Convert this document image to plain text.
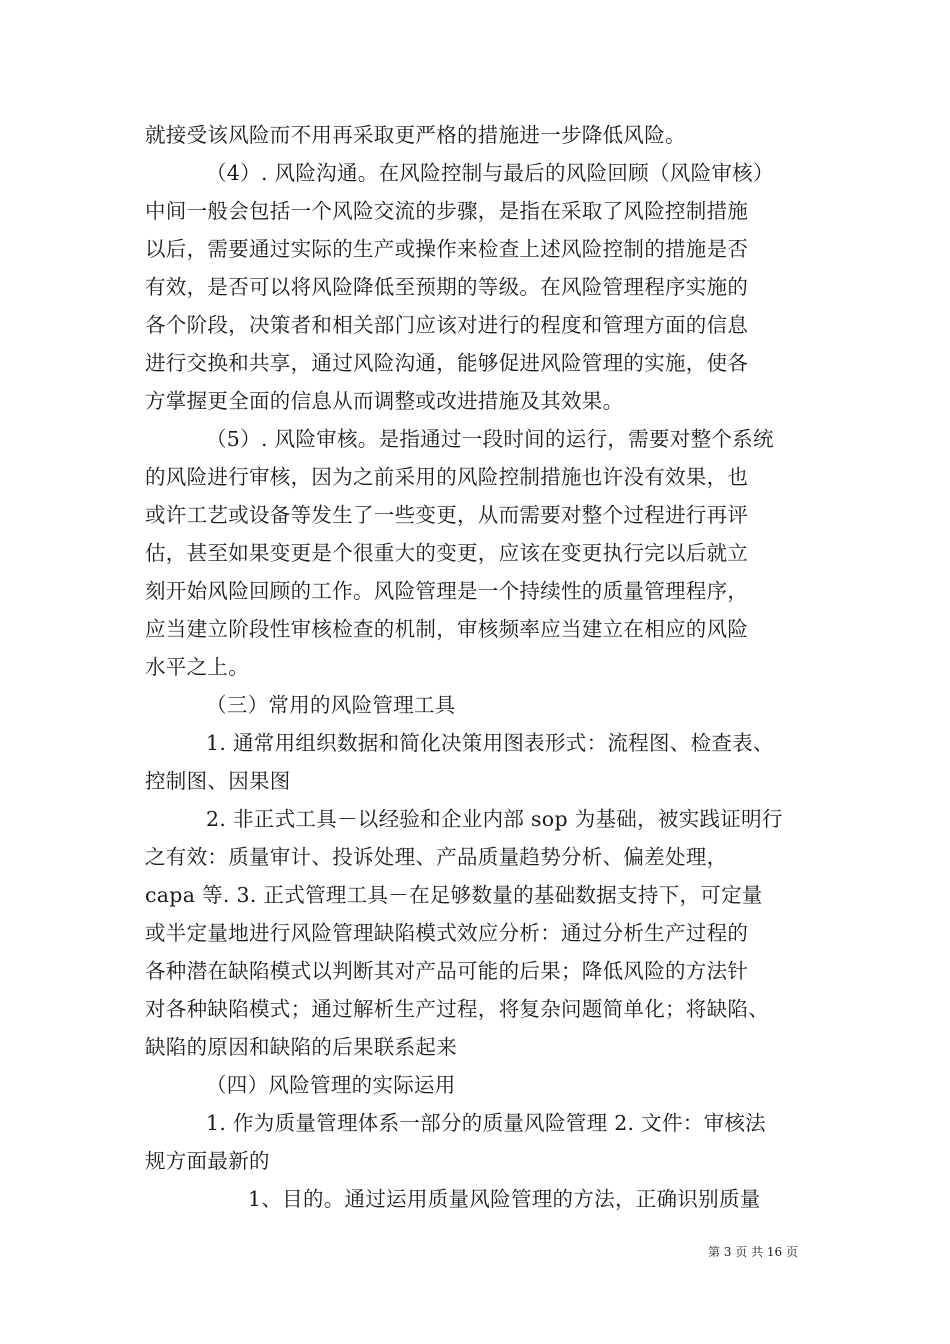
就接受该风险而不用再采取更严格的措施进一步降低风险。
（4）. 风险沟通。在风险控制与最后的风险回顾（风险审核）
中间一般会包括一个风险交流的步骤，是指在采取了风险控制措施
以后，需要通过实际的生产或操作来检查上述风险控制的措施是否
有效，是否可以将风险降低至预期的等级。在风险管理程序实施的
各个阶段，决策者和相关部门应该对进行的程度和管理方面的信息
进行交换和共享，通过风险沟通，能够促进风险管理的实施，使各
方掌握更全面的信息从而调整或改进措施及其效果。
（5）. 风险审核。是指通过一段时间的运行，需要对整个系统
的风险进行审核，因为之前采用的风险控制措施也许没有效果，也
或许工艺或设备等发生了一些变更，从而需要对整个过程进行再评
估，甚至如果变更是个很重大的变更，应该在变更执行完以后就立
刻开始风险回顾的工作。风险管理是一个持续性的质量管理程序，
应当建立阶段性审核检查的机制，审核频率应当建立在相应的风险
水平之上。
（三）常用的风险管理工具
1. 通常用组织数据和简化决策用图表形式：流程图、检查表、
控制图、因果图
2. 非正式工具－以经验和企业内部 sop 为基础，被实践证明行
之有效：质量审计、投诉处理、产品质量趋势分析、偏差处理，
capa 等. 3. 正式管理工具－在足够数量的基础数据支持下，可定量
或半定量地进行风险管理缺陷模式效应分析：通过分析生产过程的
各种潜在缺陷模式以判断其对产品可能的后果；降低风险的方法针
对各种缺陷模式；通过解析生产过程，将复杂问题简单化；将缺陷、
缺陷的原因和缺陷的后果联系起来
（四）风险管理的实际运用
1. 作为质量管理体系一部分的质量风险管理 2. 文件：审核法
规方面最新的
1、目的。通过运用质量风险管理的方法，正确识别质量
第 3 页 共 16 页
